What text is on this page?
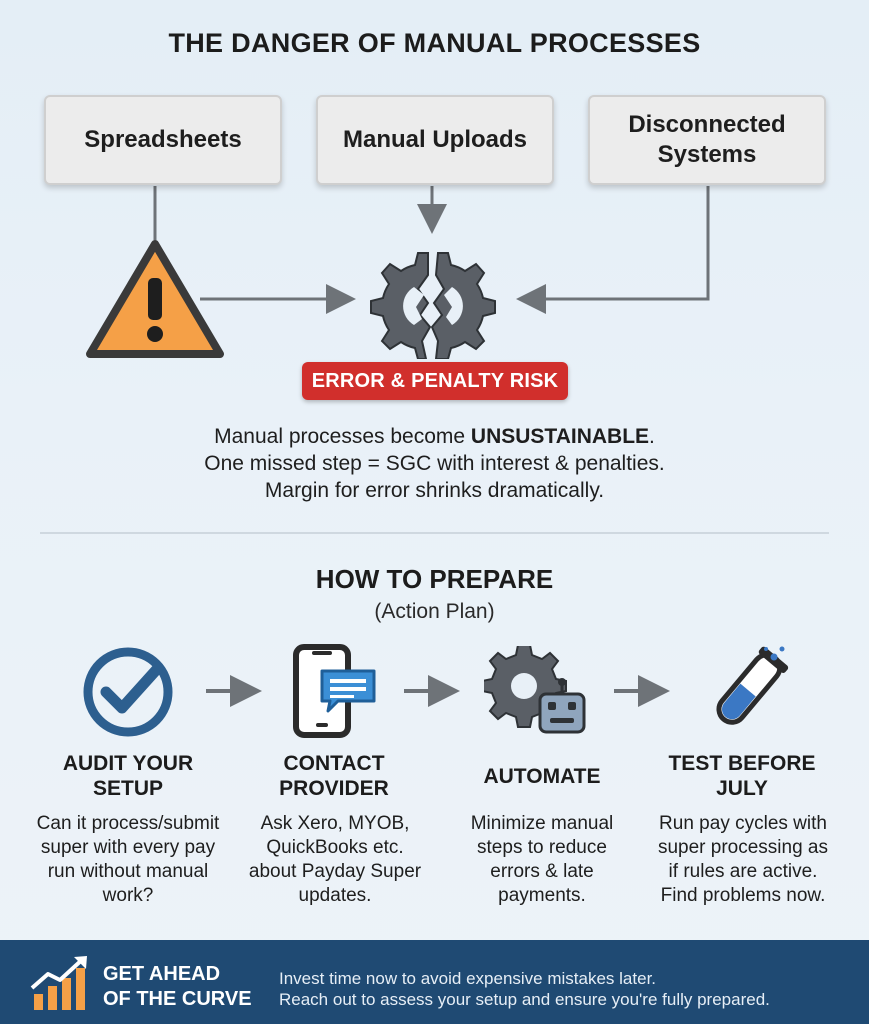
THE DANGER OF MANUAL PROCESSES
Spreadsheets	Manual Uploads
Disconnected
Systems
ERROR & PENALTY RISK
Manual processes become UNSUSTAINABLE.
One missed step = SGC with interest & penalties.
Margin for error shrinks dramatically.
HOW TO PREPARE
(Action Plan)
AUDIT YOUR
SETUP
CONTACT
PROVIDER
AUTOMATE
TEST BEFORE
JULY
Can it process/submit
super with every pay
run without manual
work?
Ask Xero, MYOB,
QuickBooks etc.
about Payday Super
updates.
Minimize manual
steps to reduce
errors & late
payments.
Run pay cycles with
super processing as
if rules are active.
Find problems now.
GET AHEAD
OF THE CURVE
Invest time now to avoid expensive mistakes later.
Reach out to assess your setup and ensure you're fully prepared.
